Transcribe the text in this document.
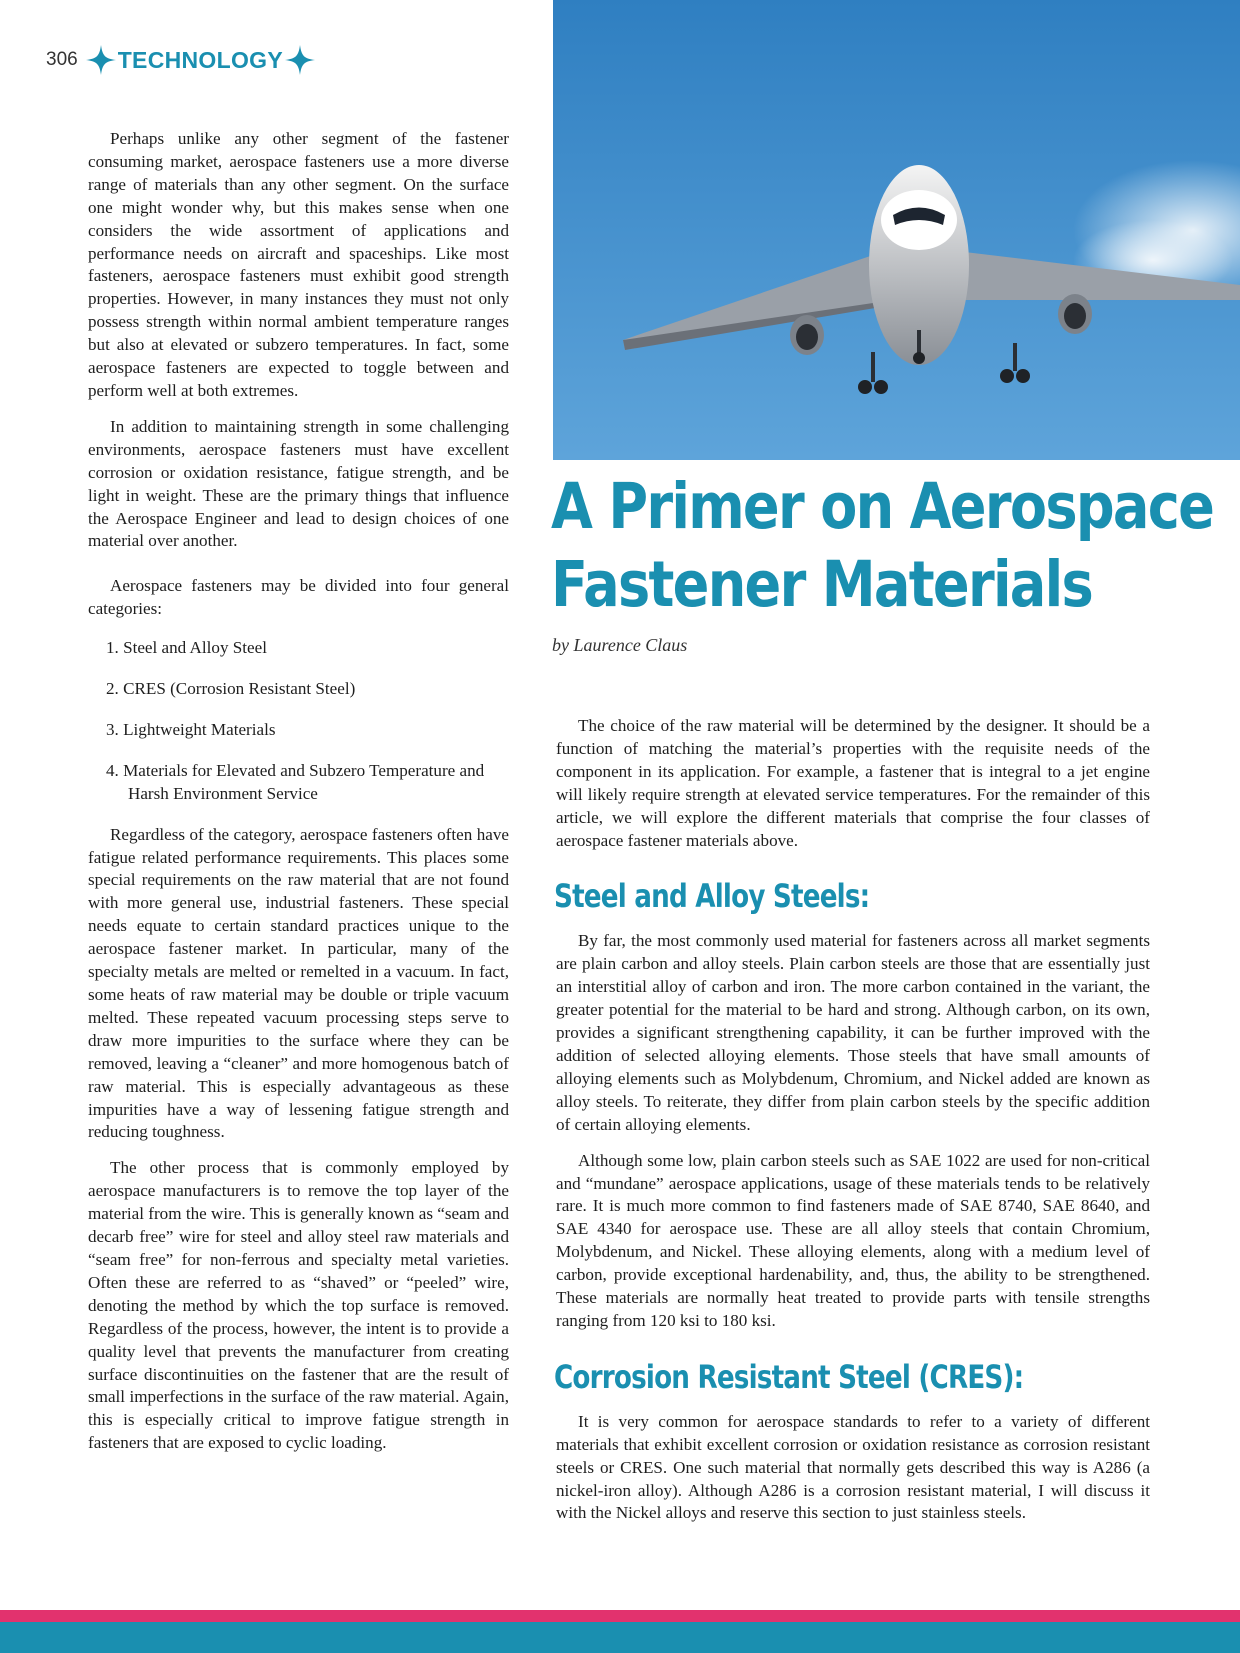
306 TECHNOLOGY
A Primer on Aerospace
Fastener Materials
by Laurence Claus

Perhaps unlike any other segment of the fastener consuming market, aerospace fasteners use a more diverse range of materials than any other segment. On the surface one might wonder why, but this makes sense when one considers the wide assortment of applications and performance needs on aircraft and spaceships. Like most fasteners, aerospace fasteners must exhibit good strength properties. However, in many instances they must not only possess strength within normal ambient temperature ranges but also at elevated or subzero temperatures. In fact, some aerospace fasteners are expected to toggle between and perform well at both extremes.

In addition to maintaining strength in some challenging environments, aerospace fasteners must have excellent corrosion or oxidation resistance, fatigue strength, and be light in weight. These are the primary things that influence the Aerospace Engineer and lead to design choices of one material over another.

Aerospace fasteners may be divided into four general categories:

1. Steel and Alloy Steel
2. CRES (Corrosion Resistant Steel)
3. Lightweight Materials
4. Materials for Elevated and Subzero Temperature and Harsh Environment Service

Regardless of the category, aerospace fasteners often have fatigue related performance requirements. This places some special requirements on the raw material that are not found with more general use, industrial fasteners. These special needs equate to certain standard practices unique to the aerospace fastener market. In particular, many of the specialty metals are melted or remelted in a vacuum. In fact, some heats of raw material may be double or triple vacuum melted. These repeated vacuum processing steps serve to draw more impurities to the surface where they can be removed, leaving a “cleaner” and more homogenous batch of raw material. This is especially advantageous as these impurities have a way of lessening fatigue strength and reducing toughness.

The other process that is commonly employed by aerospace manufacturers is to remove the top layer of the material from the wire. This is generally known as “seam and decarb free” wire for steel and alloy steel raw materials and “seam free” for non-ferrous and specialty metal varieties. Often these are referred to as “shaved” or “peeled” wire, denoting the method by which the top surface is removed. Regardless of the process, however, the intent is to provide a quality level that prevents the manufacturer from creating surface discontinuities on the fastener that are the result of small imperfections in the surface of the raw material. Again, this is especially critical to improve fatigue strength in fasteners that are exposed to cyclic loading.

The choice of the raw material will be determined by the designer. It should be a function of matching the material’s properties with the requisite needs of the component in its application. For example, a fastener that is integral to a jet engine will likely require strength at elevated service temperatures. For the remainder of this article, we will explore the different materials that comprise the four classes of aerospace fastener materials above.

Steel and Alloy Steels:

By far, the most commonly used material for fasteners across all market segments are plain carbon and alloy steels. Plain carbon steels are those that are essentially just an interstitial alloy of carbon and iron. The more carbon contained in the variant, the greater potential for the material to be hard and strong. Although carbon, on its own, provides a significant strengthening capability, it can be further improved with the addition of selected alloying elements. Those steels that have small amounts of alloying elements such as Molybdenum, Chromium, and Nickel added are known as alloy steels. To reiterate, they differ from plain carbon steels by the specific addition of certain alloying elements.

Although some low, plain carbon steels such as SAE 1022 are used for non-critical and “mundane” aerospace applications, usage of these materials tends to be relatively rare. It is much more common to find fasteners made of SAE 8740, SAE 8640, and SAE 4340 for aerospace use. These are all alloy steels that contain Chromium, Molybdenum, and Nickel. These alloying elements, along with a medium level of carbon, provide exceptional hardenability, and, thus, the ability to be strengthened. These materials are normally heat treated to provide parts with tensile strengths ranging from 120 ksi to 180 ksi.

Corrosion Resistant Steel (CRES):

It is very common for aerospace standards to refer to a variety of different materials that exhibit excellent corrosion or oxidation resistance as corrosion resistant steels or CRES. One such material that normally gets described this way is A286 (a nickel-iron alloy). Although A286 is a corrosion resistant material, I will discuss it with the Nickel alloys and reserve this section to just stainless steels.
